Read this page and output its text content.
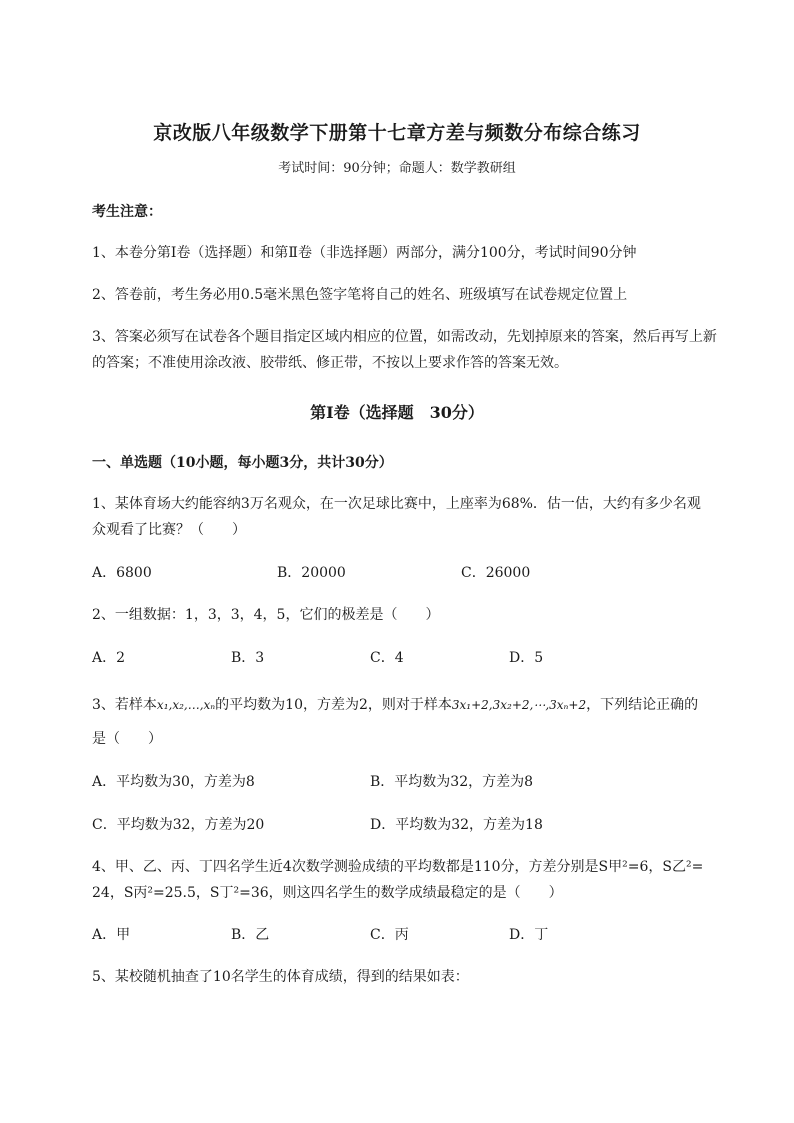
京改版八年级数学下册第十七章方差与频数分布综合练习
考试时间：90分钟；命题人：数学教研组
考生注意：
1、本卷分第I卷（选择题）和第Ⅱ卷（非选择题）两部分，满分100分，考试时间90分钟
2、答卷前，考生务必用0.5毫米黑色签字笔将自己的姓名、班级填写在试卷规定位置上
3、答案必须写在试卷各个题目指定区域内相应的位置，如需改动，先划掉原来的答案，然后再写上新
的答案；不准使用涂改液、胶带纸、修正带，不按以上要求作答的答案无效。
第I卷（选择题　30分）
一、单选题（10小题，每小题3分，共计30分）
1、某体育场大约能容纳3万名观众，在一次足球比赛中，上座率为68%．估一估，大约有多少名观
众观看了比赛？（　　）
A．6800	B．20000	C．26000
2、一组数据：1，3，3，4，5，它们的极差是（　　）
A．2	B．3	C．4	D．5
3、若样本x₁,x₂,…,xₙ的平均数为10，方差为2，则对于样本3x₁+2,3x₂+2,⋯,3xₙ+2，下列结论正确的
是（　　）
A．平均数为30，方差为8	B．平均数为32，方差为8
C．平均数为32，方差为20	D．平均数为32，方差为18
4、甲、乙、丙、丁四名学生近4次数学测验成绩的平均数都是110分，方差分别是S甲²=6，S乙²=
24，S丙²=25.5，S丁²=36，则这四名学生的数学成绩最稳定的是（　　）
A．甲	B．乙	C．丙	D．丁
5、某校随机抽查了10名学生的体育成绩，得到的结果如表：
